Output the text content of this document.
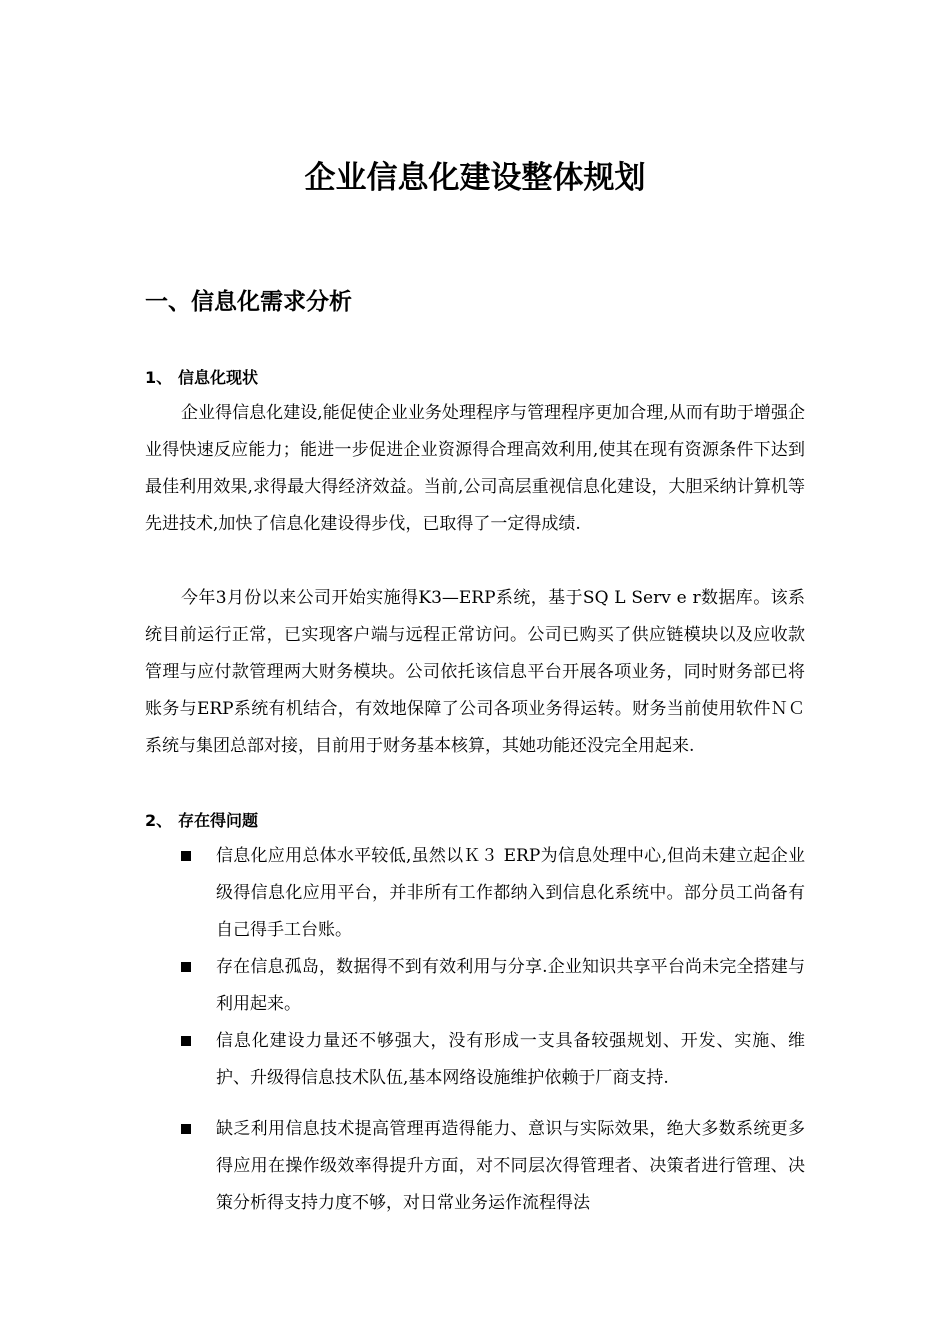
企业信息化建设整体规划
一、信息化需求分析
1、 信息化现状

企业得信息化建设,能促使企业业务处理程序与管理程序更加合理,从而有助于增强企业得快速反应能力；能进一步促进企业资源得合理高效利用,使其在现有资源条件下达到最佳利用效果,求得最大得经济效益。当前,公司高层重视信息化建设，大胆采纳计算机等先进技术,加快了信息化建设得步伐，已取得了一定得成绩.

今年3月份以来公司开始实施得K3—ERP系统，基于SQ L Serv e r数据库。该系统目前运行正常，已实现客户端与远程正常访问。公司已购买了供应链模块以及应收款管理与应付款管理两大财务模块。公司依托该信息平台开展各项业务，同时财务部已将账务与ERP系统有机结合，有效地保障了公司各项业务得运转。财务当前使用软件ＮＣ系统与集团总部对接，目前用于财务基本核算，其她功能还没完全用起来.

2、 存在得问题
信息化应用总体水平较低,虽然以Ｋ３ ERP为信息处理中心,但尚未建立起企业级得信息化应用平台，并非所有工作都纳入到信息化系统中。部分员工尚备有自己得手工台账。
存在信息孤岛，数据得不到有效利用与分享.企业知识共享平台尚未完全搭建与利用起来。
信息化建设力量还不够强大，没有形成一支具备较强规划、开发、实施、维护、升级得信息技术队伍,基本网络设施维护依赖于厂商支持.
缺乏利用信息技术提高管理再造得能力、意识与实际效果，绝大多数系统更多得应用在操作级效率得提升方面，对不同层次得管理者、决策者进行管理、决策分析得支持力度不够，对日常业务运作流程得法
